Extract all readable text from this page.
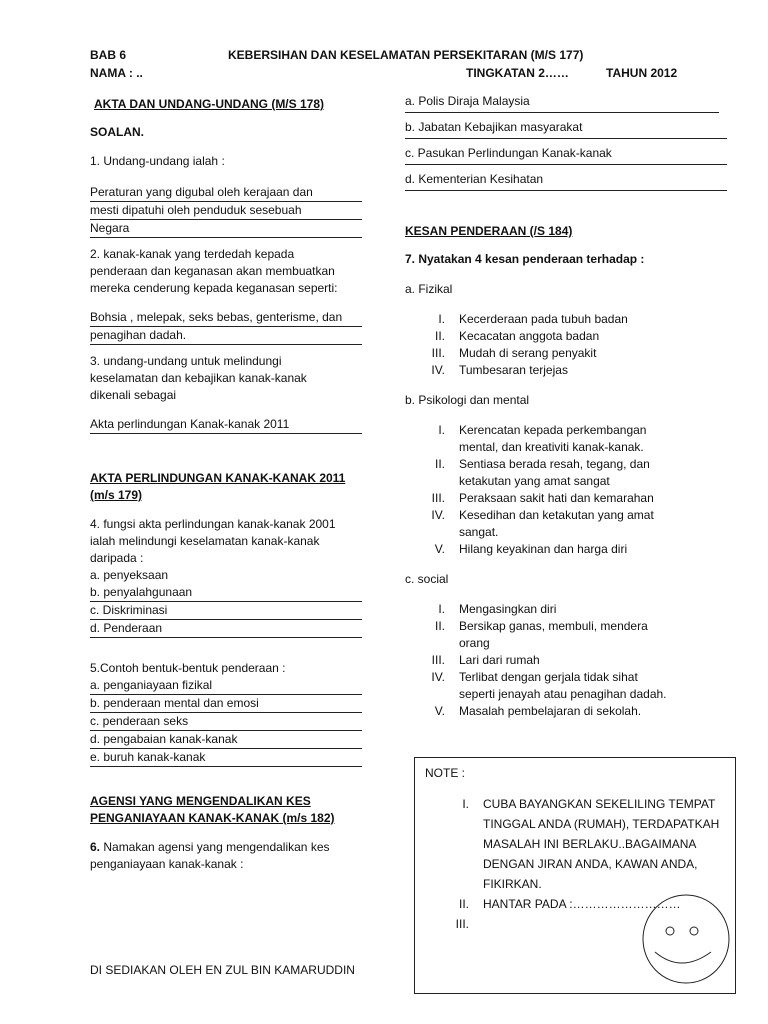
BAB 6	KEBERSIHAN DAN KESELAMATAN PERSEKITARAN (M/S 177)
NAMA : ..	TINGKATAN 2……	TAHUN 2012
AKTA DAN UNDANG-UNDANG (M/S 178)
SOALAN.
1. Undang-undang ialah :
Peraturan yang digubal oleh kerajaan dan
mesti dipatuhi oleh penduduk sesebuah
Negara
2. kanak-kanak yang terdedah kepada
penderaan dan keganasan akan membuatkan
mereka cenderung kepada keganasan seperti:
Bohsia , melepak, seks bebas, genterisme, dan
penagihan dadah.
3. undang-undang untuk melindungi
keselamatan dan kebajikan kanak-kanak
dikenali sebagai
Akta perlindungan Kanak-kanak 2011
AKTA PERLINDUNGAN KANAK-KANAK 2011
(m/s 179)
4. fungsi akta perlindungan kanak-kanak 2001
ialah melindungi keselamatan kanak-kanak
daripada :
a. penyeksaan
b. penyalahgunaan
c. Diskriminasi
d. Penderaan
5.Contoh bentuk-bentuk penderaan :
a. penganiayaan fizikal
b. penderaan mental dan emosi
c. penderaan seks
d. pengabaian kanak-kanak
e. buruh kanak-kanak
AGENSI YANG MENGENDALIKAN KES
PENGANIAYAAN KANAK-KANAK (m/s 182)
6. Namakan agensi yang mengendalikan kes
penganiayaan kanak-kanak :
DI SEDIAKAN OLEH EN ZUL BIN KAMARUDDIN
a. Polis Diraja Malaysia
b. Jabatan Kebajikan masyarakat
c. Pasukan Perlindungan Kanak-kanak
d. Kementerian Kesihatan
KESAN PENDERAAN (/S 184)
7. Nyatakan 4 kesan penderaan terhadap :
a. Fizikal
I.	Kecerderaan pada tubuh badan
II.	Kecacatan anggota badan
III.	Mudah di serang penyakit
IV.	Tumbesaran terjejas
b. Psikologi dan mental
I.	Kerencatan kepada perkembangan
mental, dan kreativiti kanak-kanak.
II.	Sentiasa berada resah, tegang, dan
ketakutan yang amat sangat
III.	Peraksaan sakit hati dan kemarahan
IV.	Kesedihan dan ketakutan yang amat
sangat.
V.	Hilang keyakinan dan harga diri
c. social
I.	Mengasingkan diri
II.	Bersikap ganas, membuli, mendera
orang
III.	Lari dari rumah
IV.	Terlibat dengan gerjala tidak sihat
seperti jenayah atau penagihan dadah.
V.	Masalah pembelajaran di sekolah.
NOTE :
I.	CUBA BAYANGKAN SEKELILING TEMPAT
TINGGAL ANDA (RUMAH), TERDAPATKAH
MASALAH INI BERLAKU..BAGAIMANA
DENGAN JIRAN ANDA, KAWAN ANDA,
FIKIRKAN.
II.	HANTAR PADA :………………………
III.
